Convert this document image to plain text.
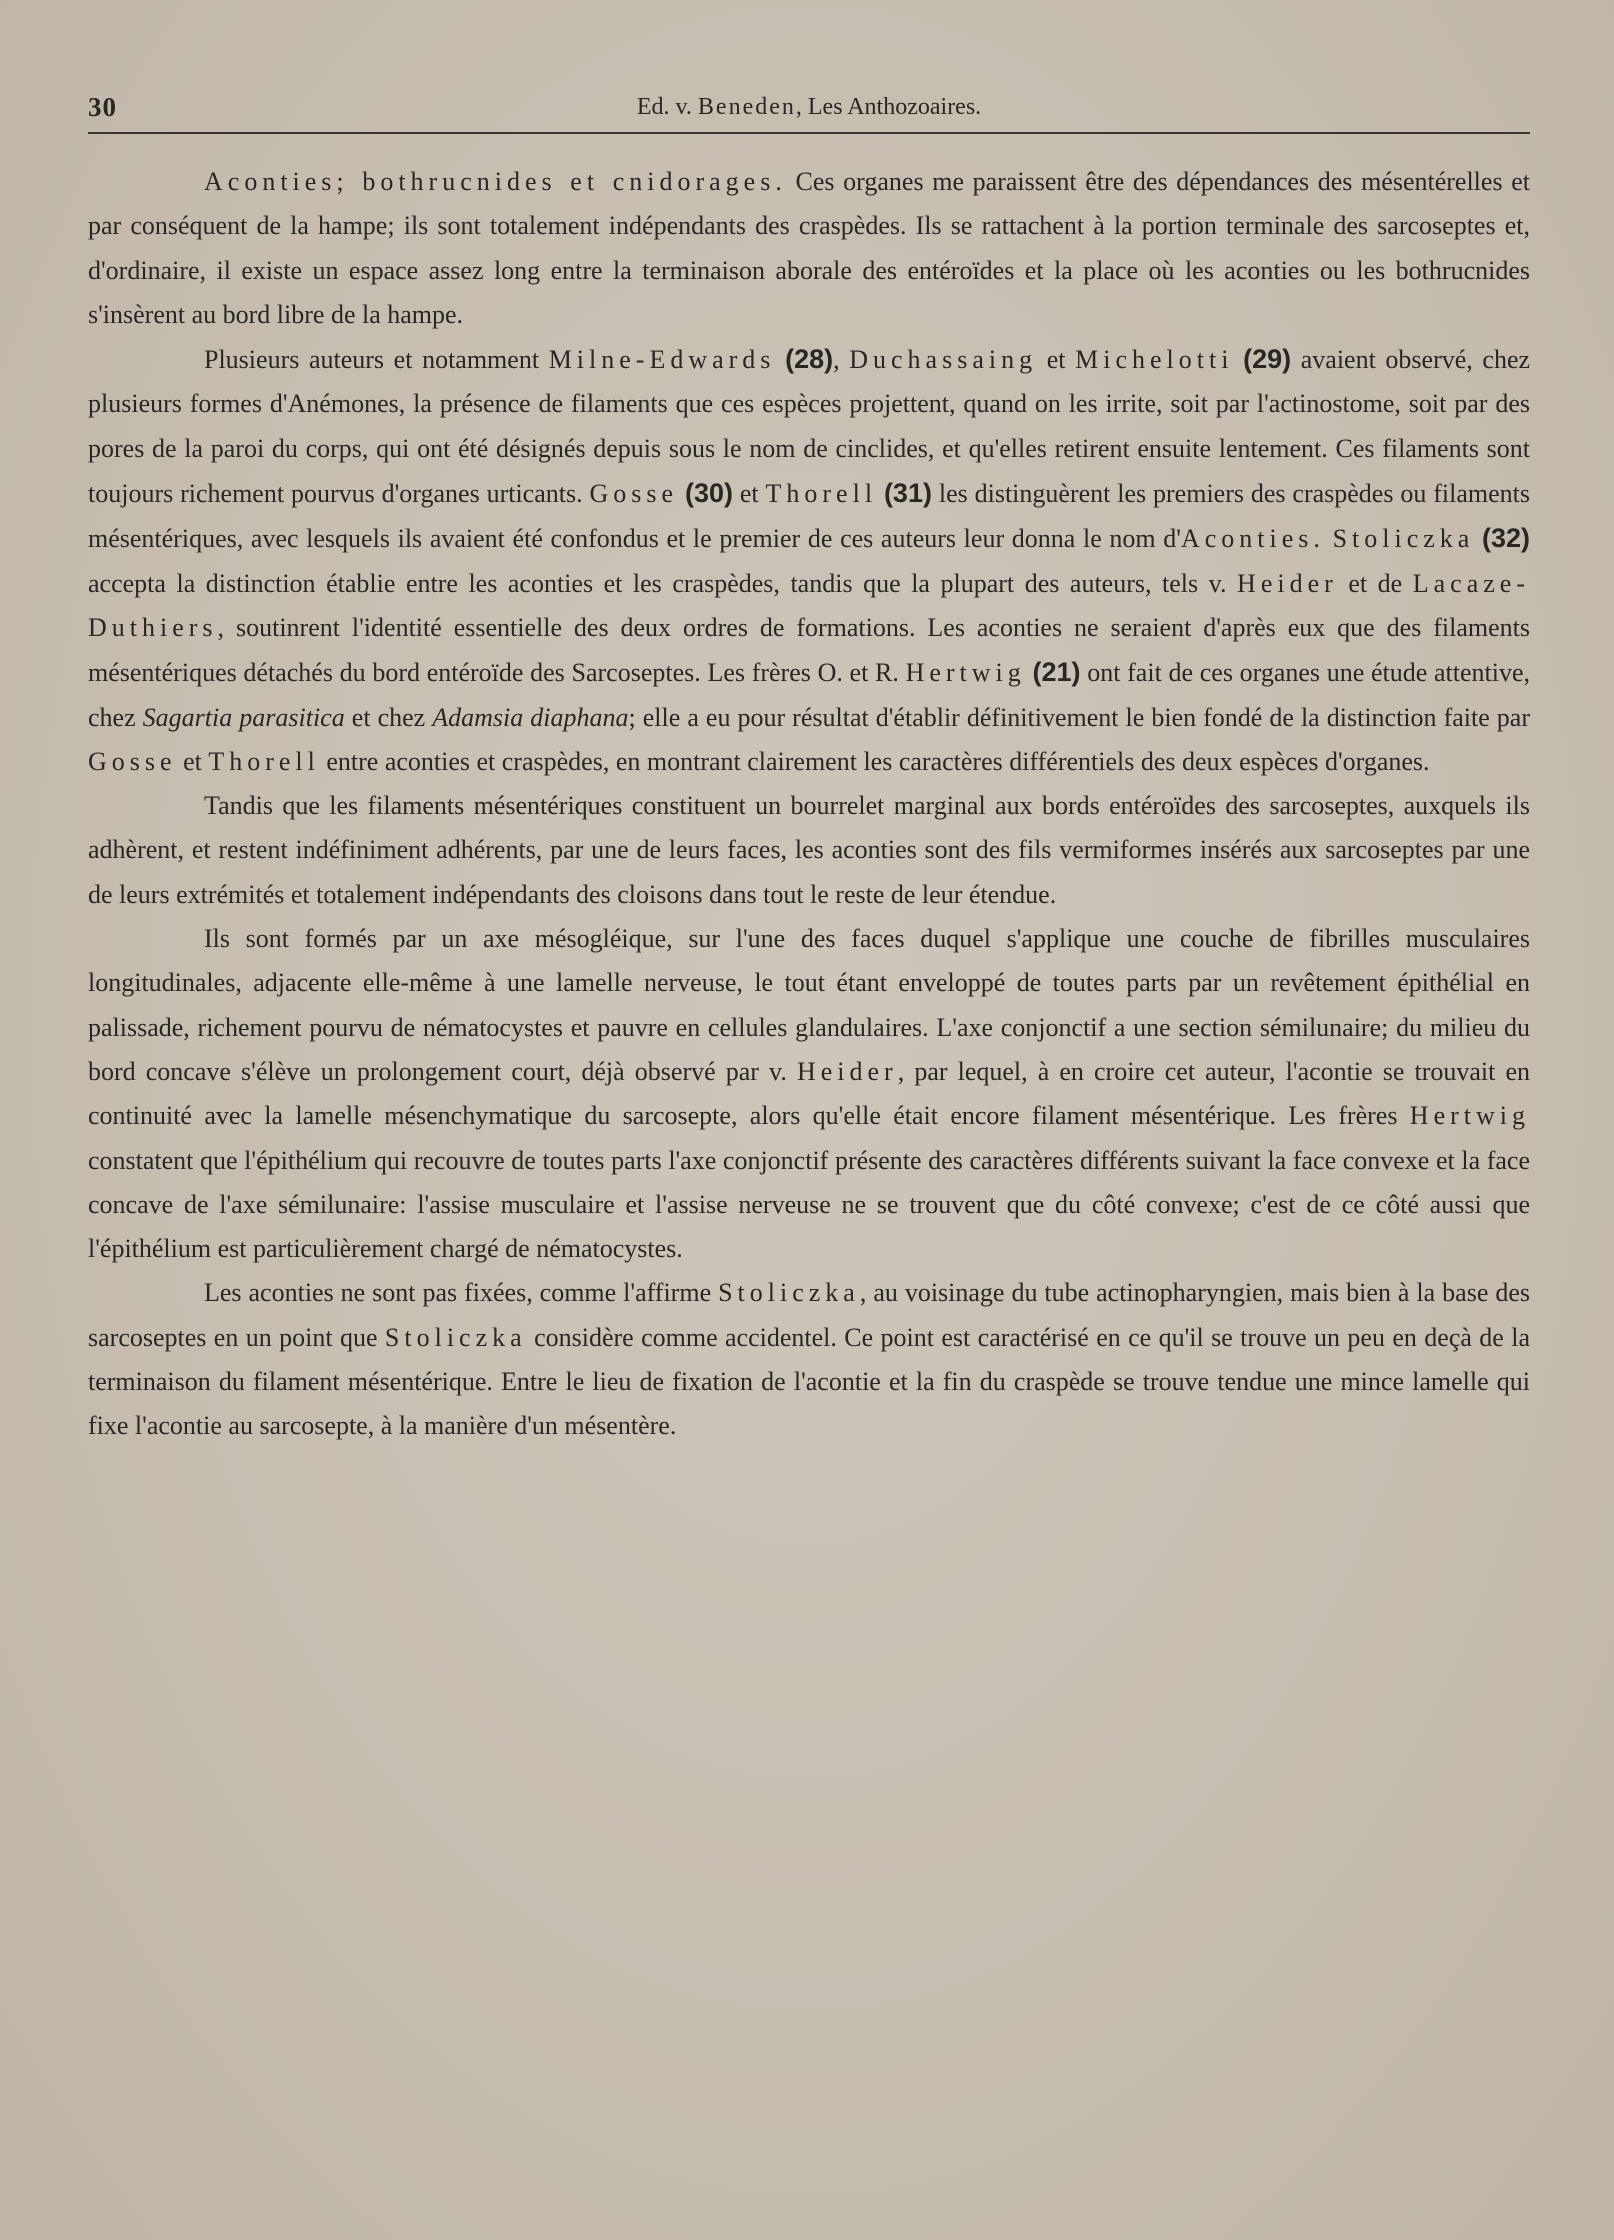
30	Ed. v. Beneden, Les Anthozoaires.

Aconties; bothrucnides et cnidorages. Ces organes me paraissent être des dépendances des mésentérelles et par conséquent de la hampe; ils sont totalement indépendants des craspèdes. Ils se rattachent à la portion terminale des sarcoseptes et, d'ordinaire, il existe un espace assez long entre la terminaison aborale des entéroïdes et la place où les aconties ou les bothrucnides s'insèrent au bord libre de la hampe.

Plusieurs auteurs et notamment Milne-Edwards (28), Duchassaing et Michelotti (29) avaient observé, chez plusieurs formes d'Anémones, la présence de filaments que ces espèces projettent, quand on les irrite, soit par l'actinostome, soit par des pores de la paroi du corps, qui ont été désignés depuis sous le nom de cinclides, et qu'elles retirent ensuite lentement. Ces filaments sont toujours richement pourvus d'organes urticants. Gosse (30) et Thorell (31) les distinguèrent les premiers des craspèdes ou filaments mésentériques, avec lesquels ils avaient été confondus et le premier de ces auteurs leur donna le nom d'Aconties. Stoliczka (32) accepta la distinction établie entre les aconties et les craspèdes, tandis que la plupart des auteurs, tels v. Heider et de Lacaze-Duthiers, soutinrent l'identité essentielle des deux ordres de formations. Les aconties ne seraient d'après eux que des filaments mésentériques détachés du bord entéroïde des Sarcoseptes. Les frères O. et R. Hertwig (21) ont fait de ces organes une étude attentive, chez Sagartia parasitica et chez Adamsia diaphana; elle a eu pour résultat d'établir définitivement le bien fondé de la distinction faite par Gosse et Thorell entre aconties et craspèdes, en montrant clairement les caractères différentiels des deux espèces d'organes.

Tandis que les filaments mésentériques constituent un bourrelet marginal aux bords entéroïdes des sarcoseptes, auxquels ils adhèrent, et restent indéfiniment adhérents, par une de leurs faces, les aconties sont des fils vermiformes insérés aux sarcoseptes par une de leurs extrémités et totalement indépendants des cloisons dans tout le reste de leur étendue.

Ils sont formés par un axe mésogléique, sur l'une des faces duquel s'applique une couche de fibrilles musculaires longitudinales, adjacente elle-même à une lamelle nerveuse, le tout étant enveloppé de toutes parts par un revêtement épithélial en palissade, richement pourvu de nématocystes et pauvre en cellules glandulaires. L'axe conjonctif a une section sémilunaire; du milieu du bord concave s'élève un prolongement court, déjà observé par v. Heider, par lequel, à en croire cet auteur, l'acontie se trouvait en continuité avec la lamelle mésenchymatique du sarcosepte, alors qu'elle était encore filament mésentérique. Les frères Hertwig constatent que l'épithélium qui recouvre de toutes parts l'axe conjonctif présente des caractères différents suivant la face convexe et la face concave de l'axe sémilunaire: l'assise musculaire et l'assise nerveuse ne se trouvent que du côté convexe; c'est de ce côté aussi que l'épithélium est particulièrement chargé de nématocystes.

Les aconties ne sont pas fixées, comme l'affirme Stoliczka, au voisinage du tube actinopharyngien, mais bien à la base des sarcoseptes en un point que Stoliczka considère comme accidentel. Ce point est caractérisé en ce qu'il se trouve un peu en deçà de la terminaison du filament mésentérique. Entre le lieu de fixation de l'acontie et la fin du craspède se trouve tendue une mince lamelle qui fixe l'acontie au sarcosepte, à la manière d'un mésentère.
